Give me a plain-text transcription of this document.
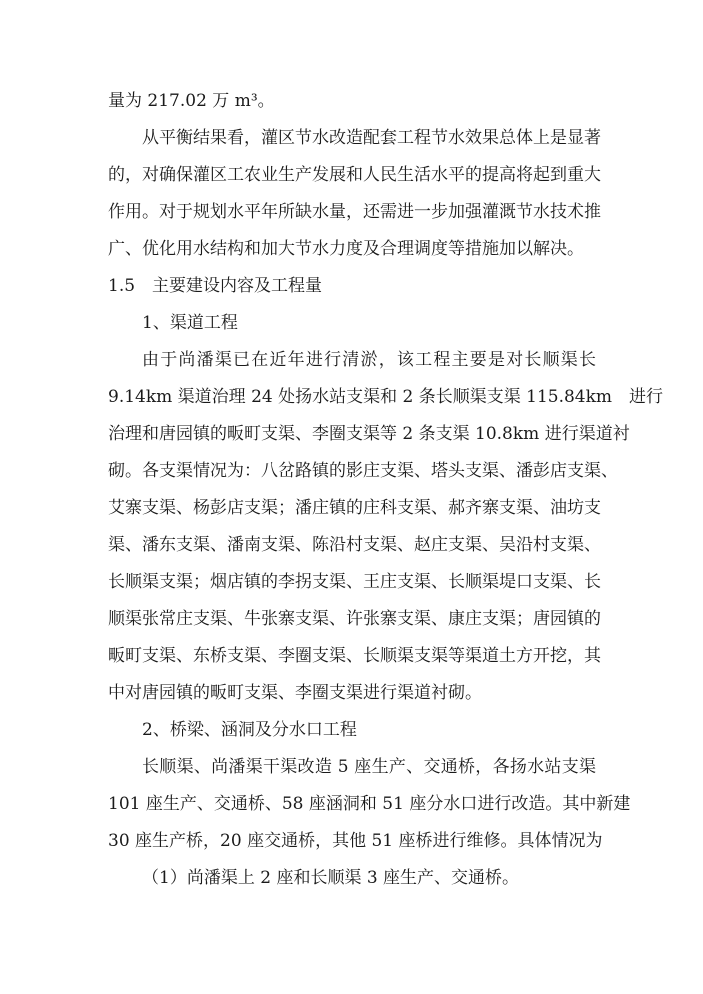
量为 217.02 万 m³。

从平衡结果看，灌区节水改造配套工程节水效果总体上是显著

的，对确保灌区工农业生产发展和人民生活水平的提高将起到重大

作用。对于规划水平年所缺水量，还需进一步加强灌溉节水技术推

广、优化用水结构和加大节水力度及合理调度等措施加以解决。

1.5　主要建设内容及工程量

1、渠道工程

由于尚潘渠已在近年进行清淤，该工程主要是对长顺渠长

9.14km 渠道治理 24 处扬水站支渠和 2 条长顺渠支渠 115.84km　进行

治理和唐园镇的畈町支渠、李圈支渠等 2 条支渠 10.8km 进行渠道衬

砌。各支渠情况为：八岔路镇的影庄支渠、塔头支渠、潘彭店支渠、

艾寨支渠、杨彭店支渠；潘庄镇的庄科支渠、郝齐寨支渠、油坊支

渠、潘东支渠、潘南支渠、陈沿村支渠、赵庄支渠、吴沿村支渠、

长顺渠支渠；烟店镇的李拐支渠、王庄支渠、长顺渠堤口支渠、长

顺渠张常庄支渠、牛张寨支渠、许张寨支渠、康庄支渠；唐园镇的

畈町支渠、东桥支渠、李圈支渠、长顺渠支渠等渠道土方开挖，其

中对唐园镇的畈町支渠、李圈支渠进行渠道衬砌。

2、桥梁、涵洞及分水口工程

长顺渠、尚潘渠干渠改造 5 座生产、交通桥，各扬水站支渠

101 座生产、交通桥、58 座涵洞和 51 座分水口进行改造。其中新建

30 座生产桥，20 座交通桥，其他 51 座桥进行维修。具体情况为

（1）尚潘渠上 2 座和长顺渠 3 座生产、交通桥。
